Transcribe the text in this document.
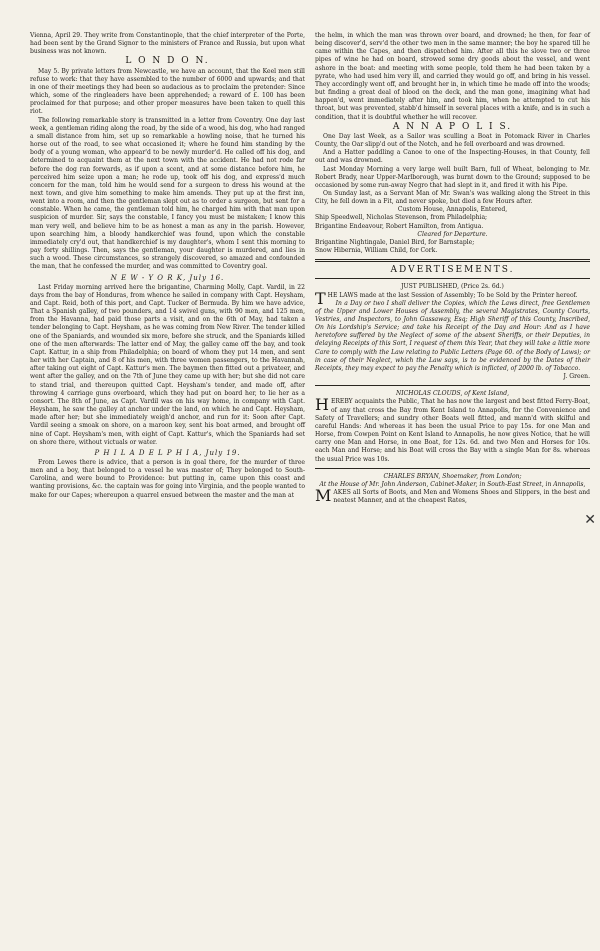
Vienna, April 29. They write from Constantinople, that the chief interpreter of the Porte, had been sent by the Grand Signor to the ministers of France and Russia, but upon what business was not known.

L O N D O N.

May 5. By private letters from Newcastle, we have an account, that the Keel men still refuse to work: that they have assembled to the number of 6000 and upwards; and that in one of their meetings they had been so audacious as to proclaim the pretender: Since which, some of the ringleaders have been apprehended; a reward of £. 100 has been proclaimed for that purpose; and other proper measures have been taken to quell this riot.

The following remarkable story is transmitted in a letter from Coventry. One day last week, a gentleman riding along the road, by the side of a wood, his dog, who had ranged a small distance from him, set up so remarkable a howling noise, that he turned his horse out of the road, to see what occasioned it; where he found him standing by the body of a young woman, who appear'd to be newly murder'd. He called off his dog, and determined to acquaint them at the next town with the accident. He had not rode far before the dog ran forwards, as if upon a scent, and at some distance before him, he perceived him seize upon a man; he rode up, took off his dog, and express'd much concern for the man, told him he would send for a surgeon to dress his wound at the next town, and give him something to make him amends. They put up at the first inn, went into a room, and then the gentleman slept out as to order a surgeon, but sent for a constable. When he came, the gentleman told him, he charged him with that man upon suspicion of murder. Sir, says the constable, I fancy you must be mistaken; I know this man very well, and believe him to be as honest a man as any in the parish. However, upon searching him, a bloody handkerchief was found, upon which the constable immediately cry'd out, that handkerchief is my daughter's, whom I sent this morning to pay forty shillings. Then, says the gentleman, your daughter is murdered, and lies in such a wood. These circumstances, so strangely discovered, so amazed and confounded the man, that he confessed the murder, and was committed to Coventry goal.

N E W - Y O R K, July 16.

Last Friday morning arrived here the brigantine, Charming Molly, Capt. Vardil, in 22 days from the bay of Honduras, from whence he sailed in company with Capt. Heysham, and Capt. Reid, both of this port, and Capt. Tucker of Bermuda. By him we have advice, That a Spanish galley, of two pounders, and 14 swivel guns, with 90 men, and 125 men, from the Havanna, had paid those parts a visit, and on the 6th of May, had taken a tender belonging to Capt. Heysham, as he was coming from New River. The tender killed one of the Spaniards, and wounded six more, before she struck, and the Spaniards killed one of the men afterwards: The latter end of May, the galley came off the bay, and took Capt. Kattur, in a ship from Philadelphia; on board of whom they put 14 men, and sent her with her Captain, and 8 of his men, with three women passengers, to the Havannah, after taking out eight of Capt. Kattur's men. The baymen then fitted out a privateer, and went after the galley, and on the 7th of June they came up with her; but she did not care to stand trial, and thereupon quitted Capt. Heysham's tender, and made off, after throwing 4 carriage guns overboard, which they had put on board her, to lie her as a consort. The 8th of June, as Capt. Vardil was on his way home, in company with Capt. Heysham, he saw the galley at anchor under the land, on which he and Capt. Heysham, made after her; but she immediately weigh'd anchor, and run for it: Soon after Capt. Vardil seeing a smoak on shore, on a maroon key, sent his boat armed, and brought off nine of Capt. Heysham's men, with eight of Capt. Kattur's, which the Spaniards had set on shore there, without victuals or water.

P H I L A D E L P H I A, July 19.

From Lewes there is advice, that a person is in goal there, for the murder of three men and a boy, that belonged to a vessel he was master of; They belonged to South-Carolina, and were bound to Providence: but putting in, came upon this coast and wanting provisions, &c. the captain was for going into Virginia, and the people wanted to make for our Capes; whereupon a quarrel ensued between the master and the man at

the helm, in which the man was thrown over board, and drowned; he then, for fear of being discover'd, serv'd the other two men in the same manner; the boy he spared till he came within the Capes, and then dispatched him. After all this he slove two or three pipes of wine he had on board, strowed some dry goods about the vessel, and went ashore in the boat: and meeting with some people, told them he had been taken by a pyrate, who had used him very ill, and carried they would go off, and bring in his vessel. They accordingly went off, and brought her in, in which time he made off into the woods; but finding a great deal of blood on the deck, and the man gone, imagining what had happen'd, went immediately after him, and took him, when he attempted to cut his throat, but was prevented, stabb'd himself in several places with a knife, and is in such a condition, that it is doubtful whether he will recover.

A N N A P O L I S.

One Day last Week, as a Sailor was sculling a Boat in Potomack River in Charles County, the Oar slipp'd out of the Notch, and he fell overboard and was drowned.

And a Hatter paddling a Canoe to one of the Inspecting-Houses, in that County, fell out and was drowned.

Last Monday Morning a very large well built Barn, full of Wheat, belonging to Mr. Robert Brady, near Upper-Marlborough, was burnt down to the Ground; supposed to be occasioned by some run-away Negro that had slept in it, and fired it with his Pipe.

On Sunday last, as a Servant Man of Mr. Swan's was walking along the Street in this City, he fell down in a Fit, and never spoke, but died a few Hours after.

Custom House, Annapolis, Entered,

Ship Speedwell, Nicholas Stevenson, from Philadelphia;

Brigantine Endeavour, Robert Hamilton, from Antigua.

Cleared for Departure.

Brigantine Nightingale, Daniel Bird, for Barnstaple;

Snow Hibernia, William Child, for Cork.

ADVERTISEMENTS.

JUST PUBLISHED, (Price 2s. 6d.)

THE LAWS made at the last Session of Assembly; To be Sold by the Printer hereof.

In a Day or two I shall deliver the Copies, which the Laws direct, free Gentlemen of the Upper and Lower Houses of Assembly, the several Magistrates, County Courts, Vestries, and Inspectors, to John Gassaway, Esq; High Sheriff of this County, Inscribed, On his Lordship's Service; and take his Receipt of the Day and Hour: And as I have heretofore suffered by the Neglect of some of the absent Sheriffs, or their Deputies, in delaying Receipts of this Sort, I request of them this Year, that they will take a little more Care to comply with the Law relating to Public Letters (Page 60. of the Body of Laws); or in case of their Neglect, which the Law says, is to be evidenced by the Dates of their Receipts, they may expect to pay the Penalty which is inflicted, of 2000 lb. of Tobacco.

J. Green.

NICHOLAS CLOUDS, of Kent Island,

HEREBY acquaints the Public, That he has now the largest and best fitted Ferry-Boat, of any that cross the Bay from Kent Island to Annapolis, for the Convenience and Safety of Travellers; and sundry other Boats well fitted, and mann'd with skilful and careful Hands: And whereas it has been the usual Price to pay 15s. for one Man and Horse, from Cowpen Point on Kent Island to Annapolis, he now gives Notice, that he will carry one Man and Horse, in one Boat, for 12s. 6d. and two Men and Horses for 10s. each Man and Horse; and his Boat will cross the Bay with a single Man for 8s. whereas the usual Price was 10s.

CHARLES BRYAN, Shoemaker, from London;

At the House of Mr. John Anderson, Cabinet-Maker, in South-East Street, in Annapolis,

MAKES all Sorts of Boots, and Men and Womens Shoes and Slippers, in the best and neatest Manner, and at the cheapest Rates,

✕
